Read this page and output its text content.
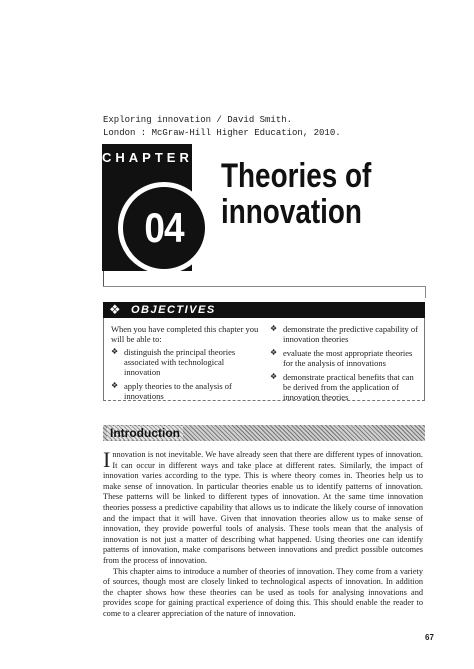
Exploring innovation / David Smith.
London : McGraw-Hill Higher Education, 2010.
CHAPTER
04
Theories of
innovation
❖ OBJECTIVES

When you have completed this chapter you will be able to:

❖ distinguish the principal theories associated with technological innovation
❖ apply theories to the analysis of innovations
❖ demonstrate the predictive capability of innovation theories
❖ evaluate the most appropriate theories for the analysis of innovations
❖ demonstrate practical benefits that can be derived from the application of innovation theories
Introduction

Innovation is not inevitable. We have already seen that there are different types of innovation. It can occur in different ways and take place at different rates. Similarly, the impact of innovation varies according to the type. This is where theory comes in. Theories help us to make sense of innovation. In particular theories enable us to identify patterns of innovation. These patterns will be linked to different types of innovation. At the same time innovation theories possess a predictive capability that allows us to indicate the likely course of innovation and the impact that it will have. Given that innovation theories allow us to make sense of innovation, they provide powerful tools of analysis. These tools mean that the analysis of innovation is not just a matter of describing what happened. Using theories one can identify patterns of innovation, make comparisons between innovations and predict possible outcomes from the process of innovation.

This chapter aims to introduce a number of theories of innovation. They come from a variety of sources, though most are closely linked to technological aspects of innovation. In addition the chapter shows how these theories can be used as tools for analysing innovations and provides scope for gaining practical experience of doing this. This should enable the reader to come to a clearer appreciation of the nature of innovation.

67
